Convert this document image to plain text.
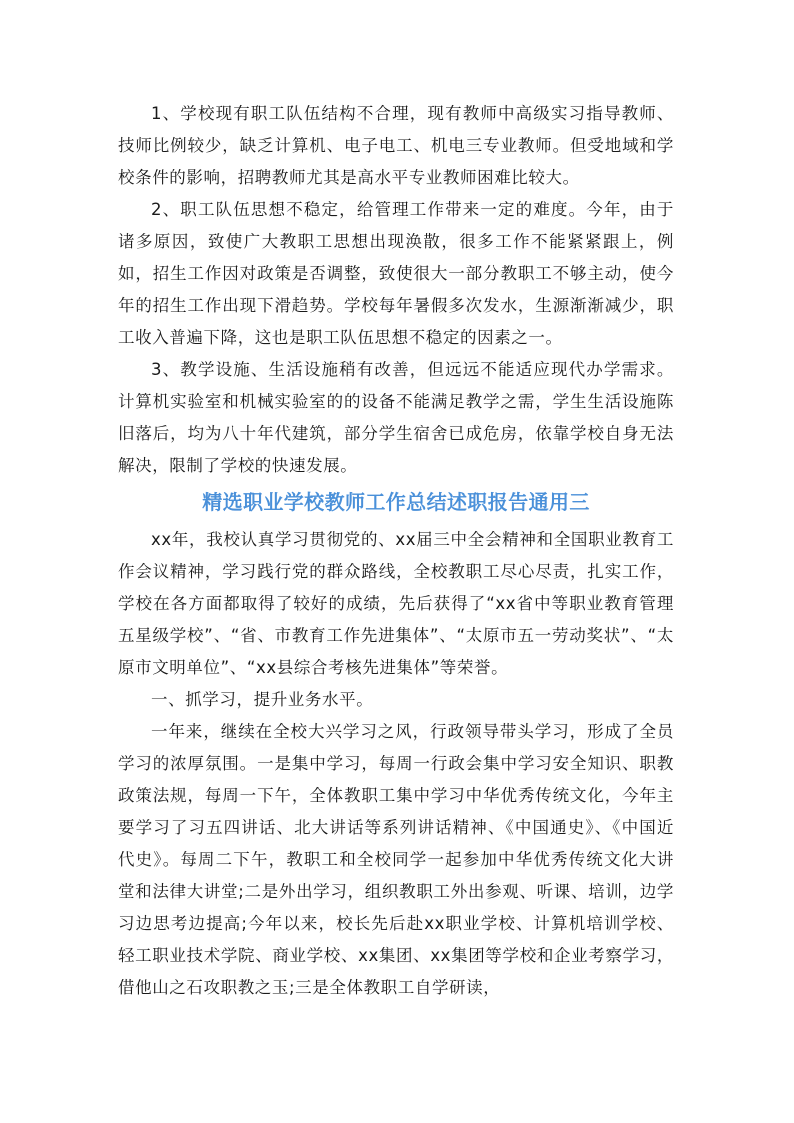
1、学校现有职工队伍结构不合理，现有教师中高级实习指导教师、技师比例较少，缺乏计算机、电子电工、机电三专业教师。但受地域和学校条件的影响，招聘教师尤其是高水平专业教师困难比较大。

2、职工队伍思想不稳定，给管理工作带来一定的难度。今年，由于诸多原因，致使广大教职工思想出现涣散，很多工作不能紧紧跟上，例如，招生工作因对政策是否调整，致使很大一部分教职工不够主动，使今年的招生工作出现下滑趋势。学校每年暑假多次发水，生源渐渐减少，职工收入普遍下降，这也是职工队伍思想不稳定的因素之一。

3、教学设施、生活设施稍有改善，但远远不能适应现代办学需求。计算机实验室和机械实验室的的设备不能满足教学之需，学生生活设施陈旧落后，均为八十年代建筑，部分学生宿舍已成危房，依靠学校自身无法解决，限制了学校的快速发展。

精选职业学校教师工作总结述职报告通用三

xx年，我校认真学习贯彻党的、xx届三中全会精神和全国职业教育工作会议精神，学习践行党的群众路线，全校教职工尽心尽责，扎实工作，学校在各方面都取得了较好的成绩，先后获得了“xx省中等职业教育管理五星级学校”、“省、市教育工作先进集体”、“太原市五一劳动奖状”、“太原市文明单位”、“xx县综合考核先进集体”等荣誉。

一、抓学习，提升业务水平。

一年来，继续在全校大兴学习之风，行政领导带头学习，形成了全员学习的浓厚氛围。一是集中学习，每周一行政会集中学习安全知识、职教政策法规，每周一下午，全体教职工集中学习中华优秀传统文化，今年主要学习了习五四讲话、北大讲话等系列讲话精神、《中国通史》、《中国近代史》。每周二下午，教职工和全校同学一起参加中华优秀传统文化大讲堂和法律大讲堂;二是外出学习，组织教职工外出参观、听课、培训，边学习边思考边提高;今年以来，校长先后赴xx职业学校、计算机培训学校、轻工职业技术学院、商业学校、xx集团、xx集团等学校和企业考察学习，借他山之石攻职教之玉;三是全体教职工自学研读，
